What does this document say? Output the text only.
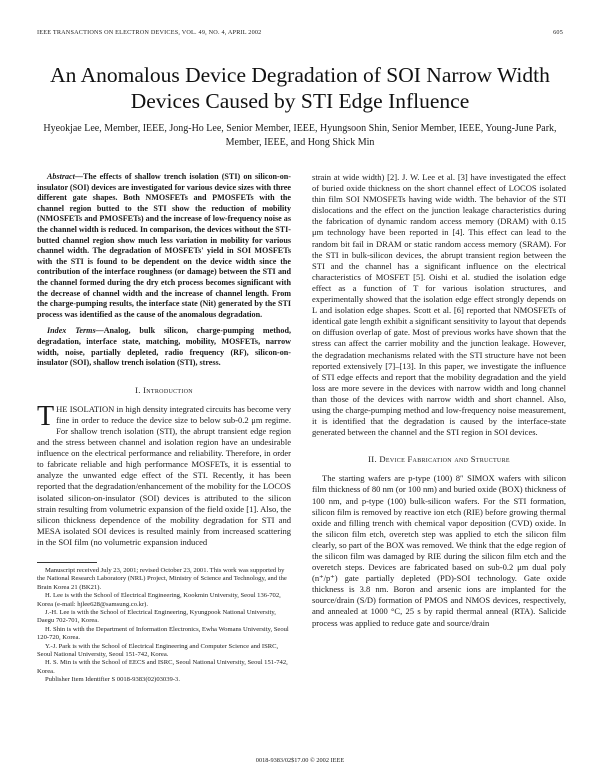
IEEE TRANSACTIONS ON ELECTRON DEVICES, VOL. 49, NO. 4, APRIL 2002	605
An Anomalous Device Degradation of SOI Narrow Width Devices Caused by STI Edge Influence
Hyeokjae Lee, Member, IEEE, Jong-Ho Lee, Senior Member, IEEE, Hyungsoon Shin, Senior Member, IEEE, Young-June Park, Member, IEEE, and Hong Shick Min

Abstract—The effects of shallow trench isolation (STI) on silicon-on-insulator (SOI) devices are investigated for various device sizes with three different gate shapes. Both NMOSFETs and PMOSFETs with the channel region butted to the STI show the reduction of mobility (NMOSFETs and PMOSFETs) and the increase of low-frequency noise as the channel width is reduced. In comparison, the devices without the STI-butted channel region show much less variation in mobility for various channel width. The degradation of MOSFETs' yield in SOI MOSFETs with the STI is found to be dependent on the device width since the contribution of the interface roughness (or damage) between the STI and the channel formed during the dry etch process becomes significant with the decrease of channel width and the increase of channel length. From the charge-pumping results, the interface state (Nit) generated by the STI process was identified as the cause of the anomalous degradation.

Index Terms—Analog, bulk silicon, charge-pumping method, degradation, interface state, matching, mobility, MOSFETs, narrow width, noise, partially depleted, radio frequency (RF), silicon-on-insulator (SOI), shallow trench isolation (STI), stress.

I. Introduction

THE ISOLATION in high density integrated circuits has become very fine in order to reduce the device size to below sub-0.2 μm regime. For shallow trench isolation (STI), the abrupt transient edge region and the stress between channel and isolation region have an undesirable influence on the electrical performance and reliability. Therefore, in order to fabricate reliable and high performance MOSFETs, it is essential to analyze the unwanted edge effect of the STI. Recently, it has been reported that the degradation/enhancement of the mobility for the LOCOS isolated silicon-on-insulator (SOI) devices is attributed to the silicon strain resulting from volumetric expansion of the field oxide [1]. Also, the silicon thickness dependence of the mobility degradation for STI and MESA isolated SOI devices is resulted mainly from increased scattering in the SOI film (no volumetric expansion induced

Manuscript received July 23, 2001; revised October 23, 2001. This work was supported by the National Research Laboratory (NRL) Project, Ministry of Science and Technology, and the Brain Korea 21 (BK21).

H. Lee is with the School of Electrical Engineering, Kookmin University, Seoul 136-702, Korea (e-mail: hjlee628@samsung.co.kr).

J.-H. Lee is with the School of Electrical Engineering, Kyungpook National University, Daegu 702-701, Korea.

H. Shin is with the Department of Information Electronics, Ewha Womans University, Seoul 120-720, Korea.

Y.-J. Park is with the School of Electrical Engineering and Computer Science and ISRC, Seoul National University, Seoul 151-742, Korea.

H. S. Min is with the School of EECS and ISRC, Seoul National University, Seoul 151-742, Korea.

Publisher Item Identifier S 0018-9383(02)03039-3.

strain at wide width) [2]. J. W. Lee et al. [3] have investigated the effect of buried oxide thickness on the short channel effect of LOCOS isolated thin film SOI NMOSFETs having wide width. The behavior of the STI dislocations and the effect on the junction leakage characteristics during the fabrication of dynamic random access memory (DRAM) with 0.15 μm technology have been reported in [4]. This effect can lead to the random bit fail in DRAM or static random access memory (SRAM). For the STI in bulk-silicon devices, the abrupt transient region between the STI and the channel has a significant influence on the electrical characteristics of MOSFET [5]. Oishi et al. studied the isolation edge effect as a function of T for various isolation structures, and experimentally showed that the isolation edge effect strongly depends on L and isolation edge shapes. Scott et al. [6] reported that NMOSFETs of identical gate length exhibit a significant sensitivity to layout that depends on diffusion overlap of gate. Most of previous works have shown that the stress can affect the carrier mobility and the junction leakage. However, the degradation mechanisms related with the STI structure have not been reported extensively [7]–[13]. In this paper, we investigate the influence of STI edge effects and report that the mobility degradation and the yield loss are more severe in the devices with narrow width and long channel than those of the devices with narrow width and short channel. Also, using the charge-pumping method and low-frequency noise measurement, it is identified that the degradation is caused by the interface-state generated between the channel and the STI region in SOI devices.

II. Device Fabrication and Structure

The starting wafers are p-type (100) 8″ SIMOX wafers with silicon film thickness of 80 nm (or 100 nm) and buried oxide (BOX) thickness of 100 nm, and p-type (100) bulk-silicon wafers. For the STI formation, silicon film is removed by reactive ion etch (RIE) before growing thermal oxide and filling trench with chemical vapor deposition (CVD) oxide. In the silicon film etch, overetch step was applied to etch the silicon film clearly, so part of the BOX was removed. We think that the edge region of the silicon film was damaged by RIE during the silicon film etch and the overetch steps. Devices are fabricated based on sub-0.2 μm dual poly (n⁺/p⁺) gate partially depleted (PD)-SOI technology. Gate oxide thickness is 3.8 nm. Boron and arsenic ions are implanted for the source/drain (S/D) formation of PMOS and NMOS devices, respectively, and annealed at 1000 °C, 25 s by rapid thermal anneal (RTA). Salicide process was applied to reduce gate and source/drain

0018-9383/02$17.00 © 2002 IEEE
